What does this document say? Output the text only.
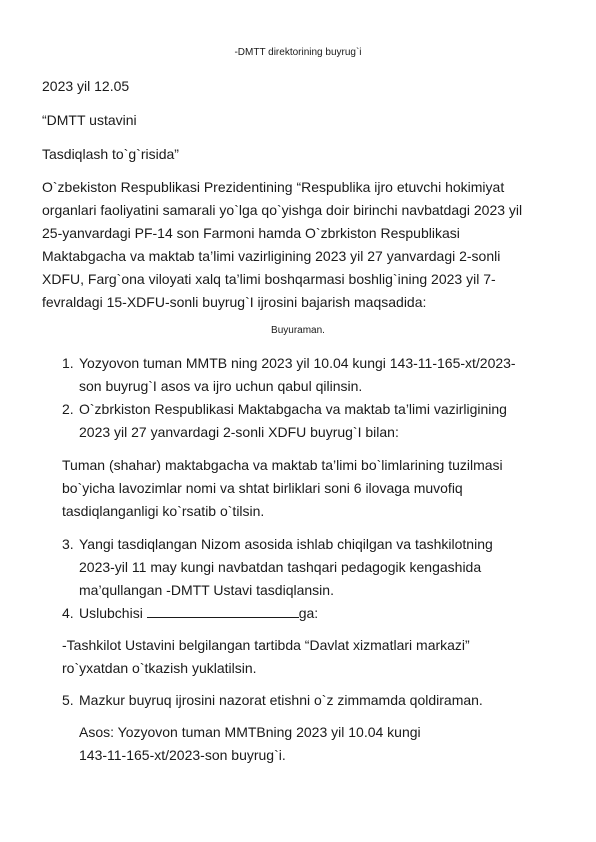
-DMTT direktorining buyrug`i
2023 yil 12.05
“DMTT ustavini
Tasdiqlash to`g`risida”
O`zbekiston Respublikasi Prezidentining “Respublika ijro etuvchi hokimiyat
organlari faoliyatini samarali yo`lga qo`yishga doir birinchi navbatdagi 2023 yil
25-yanvardagi PF-14 son Farmoni hamda O`zbrkiston Respublikasi
Maktabgacha va maktab ta’limi vazirligining 2023 yil 27 yanvardagi 2-sonli
XDFU, Farg`ona viloyati xalq ta’limi boshqarmasi boshlig`ining 2023 yil 7-
fevraldagi 15-XDFU-sonli buyrug`I ijrosini bajarish maqsadida:
Buyuraman.
1. Yozyovon tuman MMTB ning 2023 yil 10.04 kungi 143-11-165-xt/2023-
son buyrug`I asos va ijro uchun qabul qilinsin.
2. O`zbrkiston Respublikasi Maktabgacha va maktab ta’limi vazirligining
2023 yil 27 yanvardagi 2-sonli XDFU buyrug`I bilan:
Tuman (shahar) maktabgacha va maktab ta’limi bo`limlarining tuzilmasi
bo`yicha lavozimlar nomi va shtat birliklari soni 6 ilovaga muvofiq
tasdiqlanganligi ko`rsatib o`tilsin.
3. Yangi tasdiqlangan Nizom asosida ishlab chiqilgan va tashkilotning
2023-yil 11 may kungi navbatdan tashqari pedagogik kengashida
ma’qullangan -DMTT Ustavi tasdiqlansin.
4. Uslubchisi	ga:
-Tashkilot Ustavini belgilangan tartibda “Davlat xizmatlari markazi”
ro`yxatdan o`tkazish yuklatilsin.
5. Mazkur buyruq ijrosini nazorat etishni o`z zimmamda qoldiraman.
Asos: Yozyovon tuman MMTBning 2023 yil 10.04 kungi
143-11-165-xt/2023-son buyrug`i.
